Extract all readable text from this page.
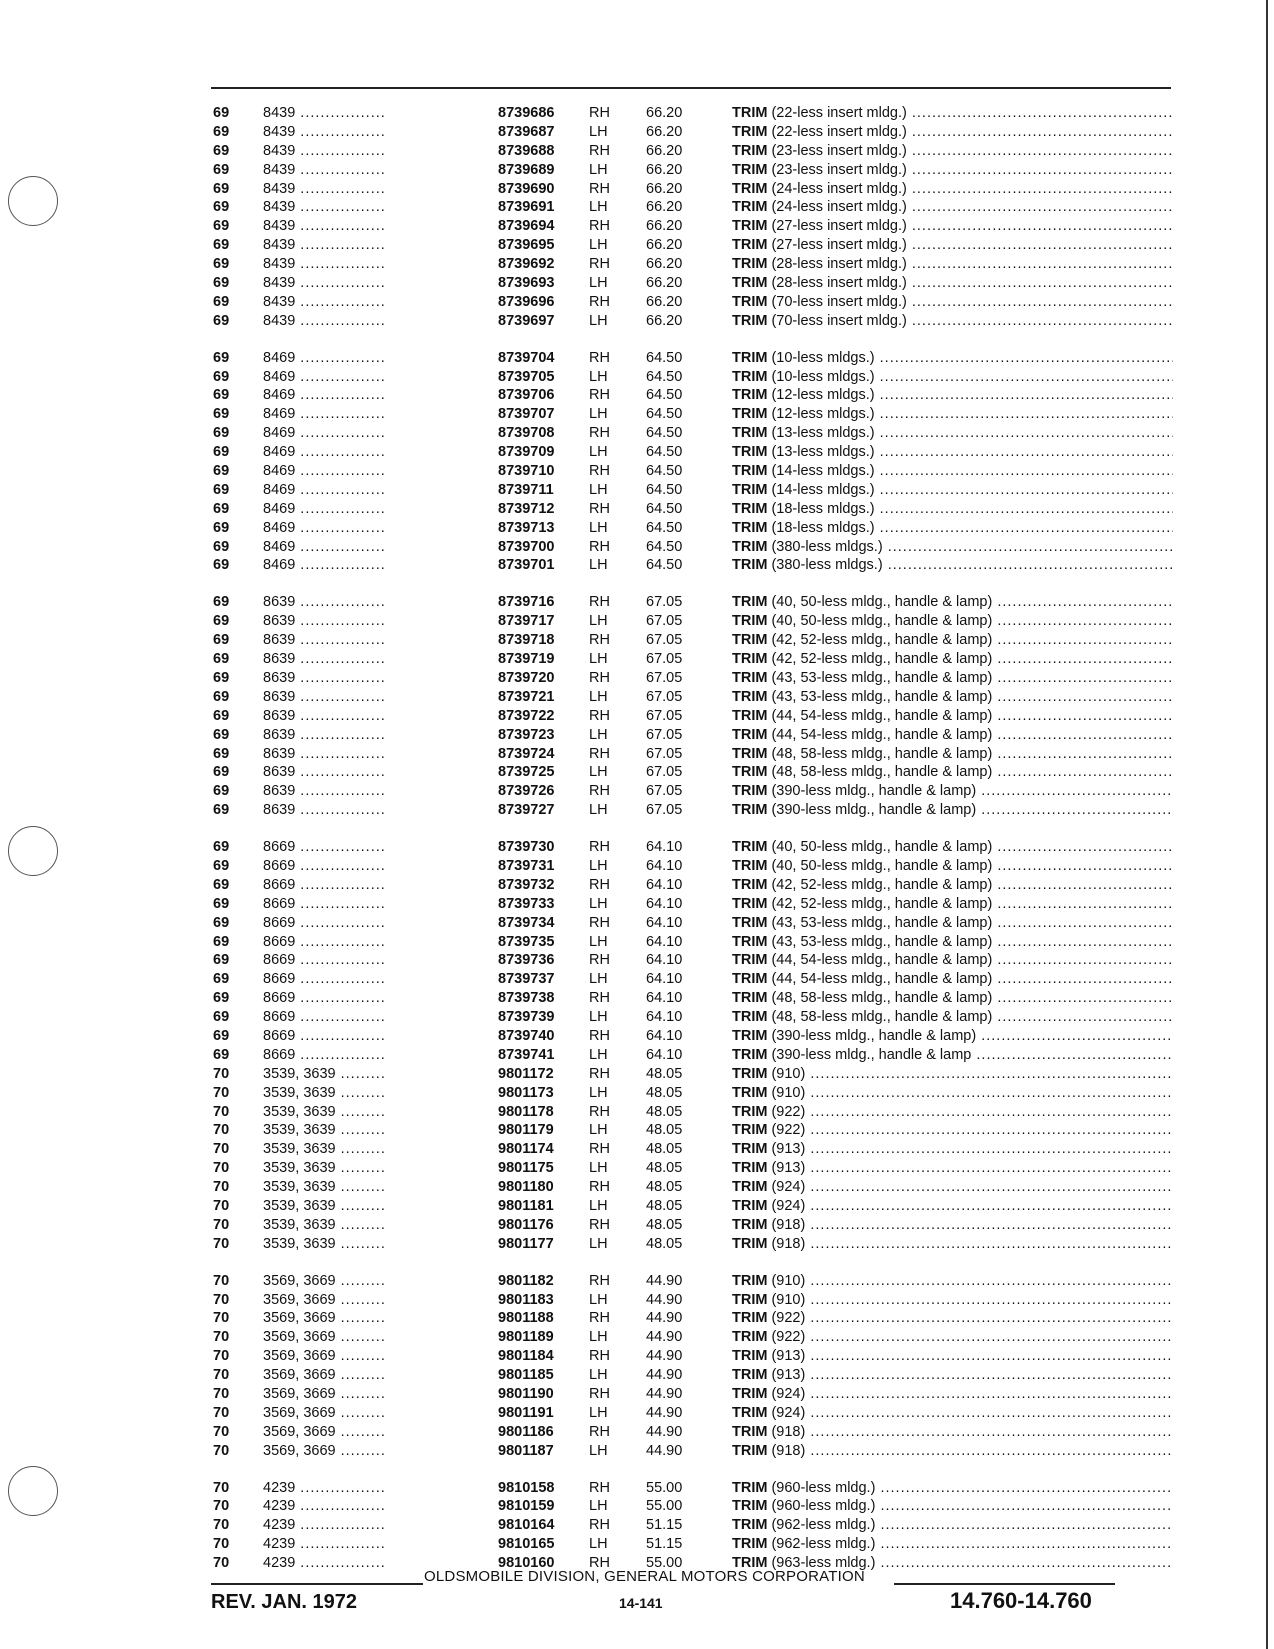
69	8439 .....	8739686 RH 66.20	TRIM (22-less insert mldg.) .....
69	8439 .....	8739687 LH	66.20	TRIM (22-less insert mldg.) .....
69	8439 .....	8739688 RH 66.20	TRIM (23-less insert mldg.) .....
69	8439 .....	8739689 LH	66.20	TRIM (23-less insert mldg.) .....
69	8439 .....	8739690 RH 66.20	TRIM (24-less insert mldg.) .....
69	8439 .....	8739691 LH	66.20	TRIM (24-less insert mldg.) .....
69	8439 .....	8739694 RH 66.20	TRIM (27-less insert mldg.) .....
69	8439 .....	8739695 LH	66.20	TRIM (27-less insert mldg.) .....
69	8439 .....	8739692 RH 66.20	TRIM (28-less insert mldg.) .....
69	8439 .....	8739693 LH	66.20	TRIM (28-less insert mldg.) .....
69	8439 .....	8739696 RH 66.20	TRIM (70-less insert mldg.) .....
69	8439 .....	8739697 LH	66.20	TRIM (70-less insert mldg.) .....
69	8469 .....	8739704 RH 64.50	TRIM (10-less mldgs.) .....
69	8469 .....	8739705 LH	64.50	TRIM (10-less mldgs.) .....
69	8469 .....	8739706 RH 64.50	TRIM (12-less mldgs.) .....
69	8469 .....	8739707 LH	64.50	TRIM (12-less mldgs.) .....
69	8469 .....	8739708 RH 64.50	TRIM (13-less mldgs.) .....
69	8469 .....	8739709 LH	64.50	TRIM (13-less mldgs.) .....
69	8469 .....	8739710 RH 64.50	TRIM (14-less mldgs.) .....
69	8469 .....	8739711 LH	64.50	TRIM (14-less mldgs.) .....
69	8469 .....	8739712 RH 64.50	TRIM (18-less mldgs.) .....
69	8469 .....	8739713 LH	64.50	TRIM (18-less mldgs.) .....
69	8469 .....	8739700 RH 64.50	TRIM (380-less mldgs.) .....
69	8469 .....	8739701 LH	64.50	TRIM (380-less mldgs.) .....
69	8639 .....	8739716 RH 67.05	TRIM (40, 50-less mldg., handle & lamp) .....
69	8639 .....	8739717 LH	67.05	TRIM (40, 50-less mldg., handle & lamp) .....
69	8639 .....	8739718 RH 67.05	TRIM (42, 52-less mldg., handle & lamp) .....
69	8639 .....	8739719 LH	67.05	TRIM (42, 52-less mldg., handle & lamp) .....
69	8639 .....	8739720 RH 67.05	TRIM (43, 53-less mldg., handle & lamp) .....
69	8639 .....	8739721 LH	67.05	TRIM (43, 53-less mldg., handle & lamp) .....
69	8639 .....	8739722 RH 67.05	TRIM (44, 54-less mldg., handle & lamp) .....
69	8639 .....	8739723 LH	67.05	TRIM (44, 54-less mldg., handle & lamp) .....
69	8639 .....	8739724 RH 67.05	TRIM (48, 58-less mldg., handle & lamp) .....
69	8639 .....	8739725 LH	67.05	TRIM (48, 58-less mldg., handle & lamp) .....
69	8639 .....	8739726 RH 67.05	TRIM (390-less mldg., handle & lamp) .....
69	8639 .....	8739727 LH	67.05	TRIM (390-less mldg., handle & lamp) .....
69	8669 .....	8739730 RH 64.10	TRIM (40, 50-less mldg., handle & lamp) .....
69	8669 .....	8739731 LH	64.10	TRIM (40, 50-less mldg., handle & lamp) .....
69	8669 .....	8739732 RH 64.10	TRIM (42, 52-less mldg., handle & lamp) .....
69	8669 .....	8739733 LH	64.10	TRIM (42, 52-less mldg., handle & lamp) .....
69	8669 .....	8739734 RH 64.10	TRIM (43, 53-less mldg., handle & lamp) .....
69	8669 .....	8739735 LH	64.10	TRIM (43, 53-less mldg., handle & lamp) .....
69	8669 .....	8739736 RH 64.10	TRIM (44, 54-less mldg., handle & lamp) .....
69	8669 .....	8739737 LH	64.10	TRIM (44, 54-less mldg., handle & lamp) .....
69	8669 .....	8739738 RH 64.10	TRIM (48, 58-less mldg., handle & lamp) .....
69	8669 .....	8739739 LH	64.10	TRIM (48, 58-less mldg., handle & lamp) .....
69	8669 .....	8739740 RH 64.10	TRIM (390-less mldg., handle & lamp) .....
69	8669 .....	8739741 LH	64.10	TRIM (390-less mldg., handle & lamp .....
70	3539, 3639 .....	9801172 RH 48.05	TRIM (910) .....
70	3539, 3639 .....	9801173 LH	48.05	TRIM (910) .....
70	3539, 3639 .....	9801178 RH 48.05	TRIM (922) .....
70	3539, 3639 .....	9801179 LH	48.05	TRIM (922) .....
70	3539, 3639 .....	9801174 RH 48.05	TRIM (913) .....
70	3539, 3639 .....	9801175 LH	48.05	TRIM (913) .....
70	3539, 3639 .....	9801180 RH 48.05	TRIM (924) .....
70	3539, 3639 .....	9801181 LH	48.05	TRIM (924) .....
70	3539, 3639 .....	9801176 RH 48.05	TRIM (918) .....
70	3539, 3639 .....	9801177 LH	48.05	TRIM (918) .....
70	3569, 3669 .....	9801182 RH 44.90	TRIM (910) .....
70	3569, 3669 .....	9801183 LH	44.90	TRIM (910) .....
70	3569, 3669 .....	9801188 RH 44.90	TRIM (922) .....
70	3569, 3669 .....	9801189 LH	44.90	TRIM (922) .....
70	3569, 3669 .....	9801184 RH 44.90	TRIM (913) .....
70	3569, 3669 .....	9801185 LH	44.90	TRIM (913) .....
70	3569, 3669 .....	9801190 RH 44.90	TRIM (924) .....
70	3569, 3669 .....	9801191 LH	44.90	TRIM (924) .....
70	3569, 3669 .....	9801186 RH 44.90	TRIM (918) .....
70	3569, 3669 .....	9801187 LH	44.90	TRIM (918) .....
70	4239 .....	9810158 RH 55.00	TRIM (960-less mldg.) .....
70	4239 .....	9810159 LH	55.00	TRIM (960-less mldg.) .....
70	4239 .....	9810164 RH 51.15	TRIM (962-less mldg.) .....
70	4239 .....	9810165 LH	51.15	TRIM (962-less mldg.) .....
70	4239 .....	9810160 RH 55.00	TRIM (963-less mldg.) .....
OLDSMOBILE DIVISION, GENERAL MOTORS CORPORATION
REV. JAN. 1972	14-141	14.760-14.760
